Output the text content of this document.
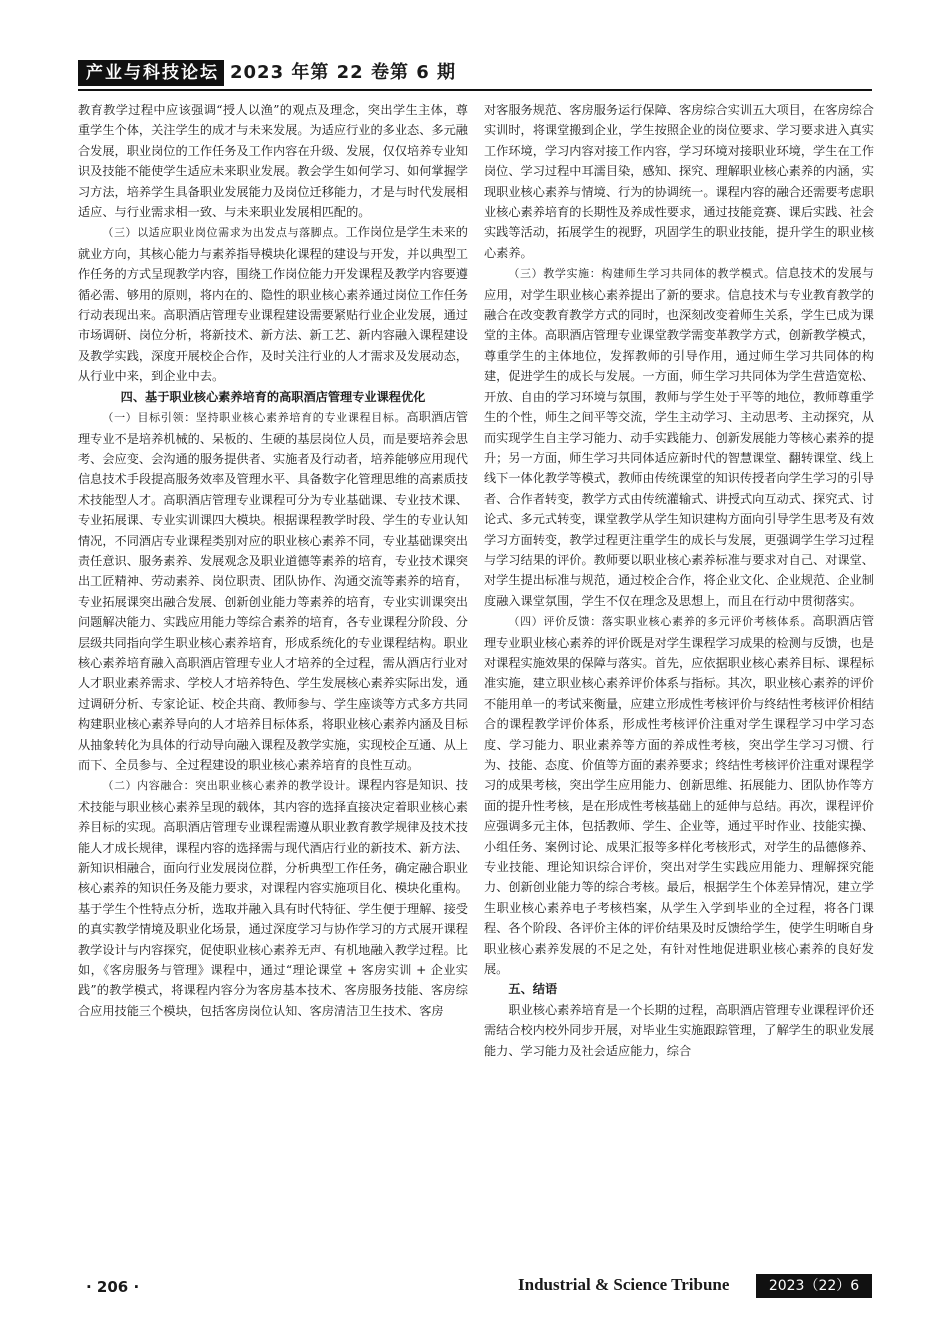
产业与科技论坛 2023 年第 22 卷第 6 期

教育教学过程中应该强调“授人以渔”的观点及理念，突出学生主体，尊重学生个体，关注学生的成才与未来发展。为适应行业的多业态、多元融合发展，职业岗位的工作任务及工作内容在升级、发展，仅仅培养专业知识及技能不能使学生适应未来职业发展。教会学生如何学习、如何掌握学习方法，培养学生具备职业发展能力及岗位迁移能力，才是与时代发展相适应、与行业需求相一致、与未来职业发展相匹配的。

（三）以适应职业岗位需求为出发点与落脚点。工作岗位是学生未来的就业方向，其核心能力与素养指导模块化课程的建设与开发，并以典型工作任务的方式呈现教学内容，围绕工作岗位能力开发课程及教学内容要遵循必需、够用的原则，将内在的、隐性的职业核心素养通过岗位工作任务行动表现出来。高职酒店管理专业课程建设需要紧贴行业企业发展，通过市场调研、岗位分析，将新技术、新方法、新工艺、新内容融入课程建设及教学实践，深度开展校企合作，及时关注行业的人才需求及发展动态，从行业中来，到企业中去。

四、基于职业核心素养培育的高职酒店管理专业课程优化

（一）目标引领：坚持职业核心素养培育的专业课程目标。高职酒店管理专业不是培养机械的、呆板的、生硬的基层岗位人员，而是要培养会思考、会应变、会沟通的服务提供者、实施者及行动者，培养能够应用现代信息技术手段提高服务效率及管理水平、具备数字化管理思维的高素质技术技能型人才。高职酒店管理专业课程可分为专业基础课、专业技术课、专业拓展课、专业实训课四大模块。根据课程教学时段、学生的专业认知情况，不同酒店专业课程类别对应的职业核心素养不同，专业基础课突出责任意识、服务素养、发展观念及职业道德等素养的培育，专业技术课突出工匠精神、劳动素养、岗位职责、团队协作、沟通交流等素养的培育，专业拓展课突出融合发展、创新创业能力等素养的培育，专业实训课突出问题解决能力、实践应用能力等综合素养的培育，各专业课程分阶段、分层级共同指向学生职业核心素养培育，形成系统化的专业课程结构。职业核心素养培育融入高职酒店管理专业人才培养的全过程，需从酒店行业对人才职业素养需求、学校人才培养特色、学生发展核心素养实际出发，通过调研分析、专家论证、校企共商、教师参与、学生座谈等方式多方共同构建职业核心素养导向的人才培养目标体系，将职业核心素养内涵及目标从抽象转化为具体的行动导向融入课程及教学实施，实现校企互通、从上而下、全员参与、全过程建设的职业核心素养培育的良性互动。

（二）内容融合：突出职业核心素养的教学设计。课程内容是知识、技术技能与职业核心素养呈现的载体，其内容的选择直接决定着职业核心素养目标的实现。高职酒店管理专业课程需遵从职业教育教学规律及技术技能人才成长规律，课程内容的选择需与现代酒店行业的新技术、新方法、新知识相融合，面向行业发展岗位群，分析典型工作任务，确定融合职业核心素养的知识任务及能力要求，对课程内容实施项目化、模块化重构。基于学生个性特点分析，选取并融入具有时代特征、学生便于理解、接受的真实教学情境及职业化场景，通过深度学习与协作学习的方式展开课程教学设计与内容探究，促使职业核心素养无声、有机地融入教学过程。比如，《客房服务与管理》课程中，通过“理论课堂 + 客房实训 + 企业实践”的教学模式，将课程内容分为客房基本技术、客房服务技能、客房综合应用技能三个模块，包括客房岗位认知、客房清洁卫生技术、客房

对客服务规范、客房服务运行保障、客房综合实训五大项目，在客房综合实训时，将课堂搬到企业，学生按照企业的岗位要求、学习要求进入真实工作环境，学习内容对接工作内容，学习环境对接职业环境，学生在工作岗位、学习过程中耳濡目染，感知、探究、理解职业核心素养的内涵，实现职业核心素养与情境、行为的协调统一。课程内容的融合还需要考虑职业核心素养培育的长期性及养成性要求，通过技能竞赛、课后实践、社会实践等活动，拓展学生的视野，巩固学生的职业技能，提升学生的职业核心素养。

（三）教学实施：构建师生学习共同体的教学模式。信息技术的发展与应用，对学生职业核心素养提出了新的要求。信息技术与专业教育教学的融合在改变教育教学方式的同时，也深刻改变着师生关系，学生已成为课堂的主体。高职酒店管理专业课堂教学需变革教学方式，创新教学模式，尊重学生的主体地位，发挥教师的引导作用，通过师生学习共同体的构建，促进学生的成长与发展。一方面，师生学习共同体为学生营造宽松、开放、自由的学习环境与氛围，教师与学生处于平等的地位，教师尊重学生的个性，师生之间平等交流，学生主动学习、主动思考、主动探究，从而实现学生自主学习能力、动手实践能力、创新发展能力等核心素养的提升；另一方面，师生学习共同体适应新时代的智慧课堂、翻转课堂、线上线下一体化教学等模式，教师由传统课堂的知识传授者向学生学习的引导者、合作者转变，教学方式由传统灌输式、讲授式向互动式、探究式、讨论式、多元式转变，课堂教学从学生知识建构方面向引导学生思考及有效学习方面转变，教学过程更注重学生的成长与发展，更强调学生学习过程与学习结果的评价。教师要以职业核心素养标准与要求对自己、对课堂、对学生提出标准与规范，通过校企合作，将企业文化、企业规范、企业制度融入课堂氛围，学生不仅在理念及思想上，而且在行动中贯彻落实。

（四）评价反馈：落实职业核心素养的多元评价考核体系。高职酒店管理专业职业核心素养的评价既是对学生课程学习成果的检测与反馈，也是对课程实施效果的保障与落实。首先，应依据职业核心素养目标、课程标准实施，建立职业核心素养评价体系与指标。其次，职业核心素养的评价不能用单一的考试来衡量，应建立形成性考核评价与终结性考核评价相结合的课程教学评价体系，形成性考核评价注重对学生课程学习中学习态度、学习能力、职业素养等方面的养成性考核，突出学生学习习惯、行为、技能、态度、价值等方面的素养要求；终结性考核评价注重对课程学习的成果考核，突出学生应用能力、创新思维、拓展能力、团队协作等方面的提升性考核，是在形成性考核基础上的延伸与总结。再次，课程评价应强调多元主体，包括教师、学生、企业等，通过平时作业、技能实操、小组任务、案例讨论、成果汇报等多样化考核形式，对学生的品德修养、专业技能、理论知识综合评价，突出对学生实践应用能力、理解探究能力、创新创业能力等的综合考核。最后，根据学生个体差异情况，建立学生职业核心素养电子考核档案，从学生入学到毕业的全过程，将各门课程、各个阶段、各评价主体的评价结果及时反馈给学生，使学生明晰自身职业核心素养发展的不足之处，有针对性地促进职业核心素养的良好发展。

五、结语

职业核心素养培育是一个长期的过程，高职酒店管理专业课程评价还需结合校内校外同步开展，对毕业生实施跟踪管理，了解学生的职业发展能力、学习能力及社会适应能力，综合

· 206 ·	Industrial & Science Tribune	2023（22）6
